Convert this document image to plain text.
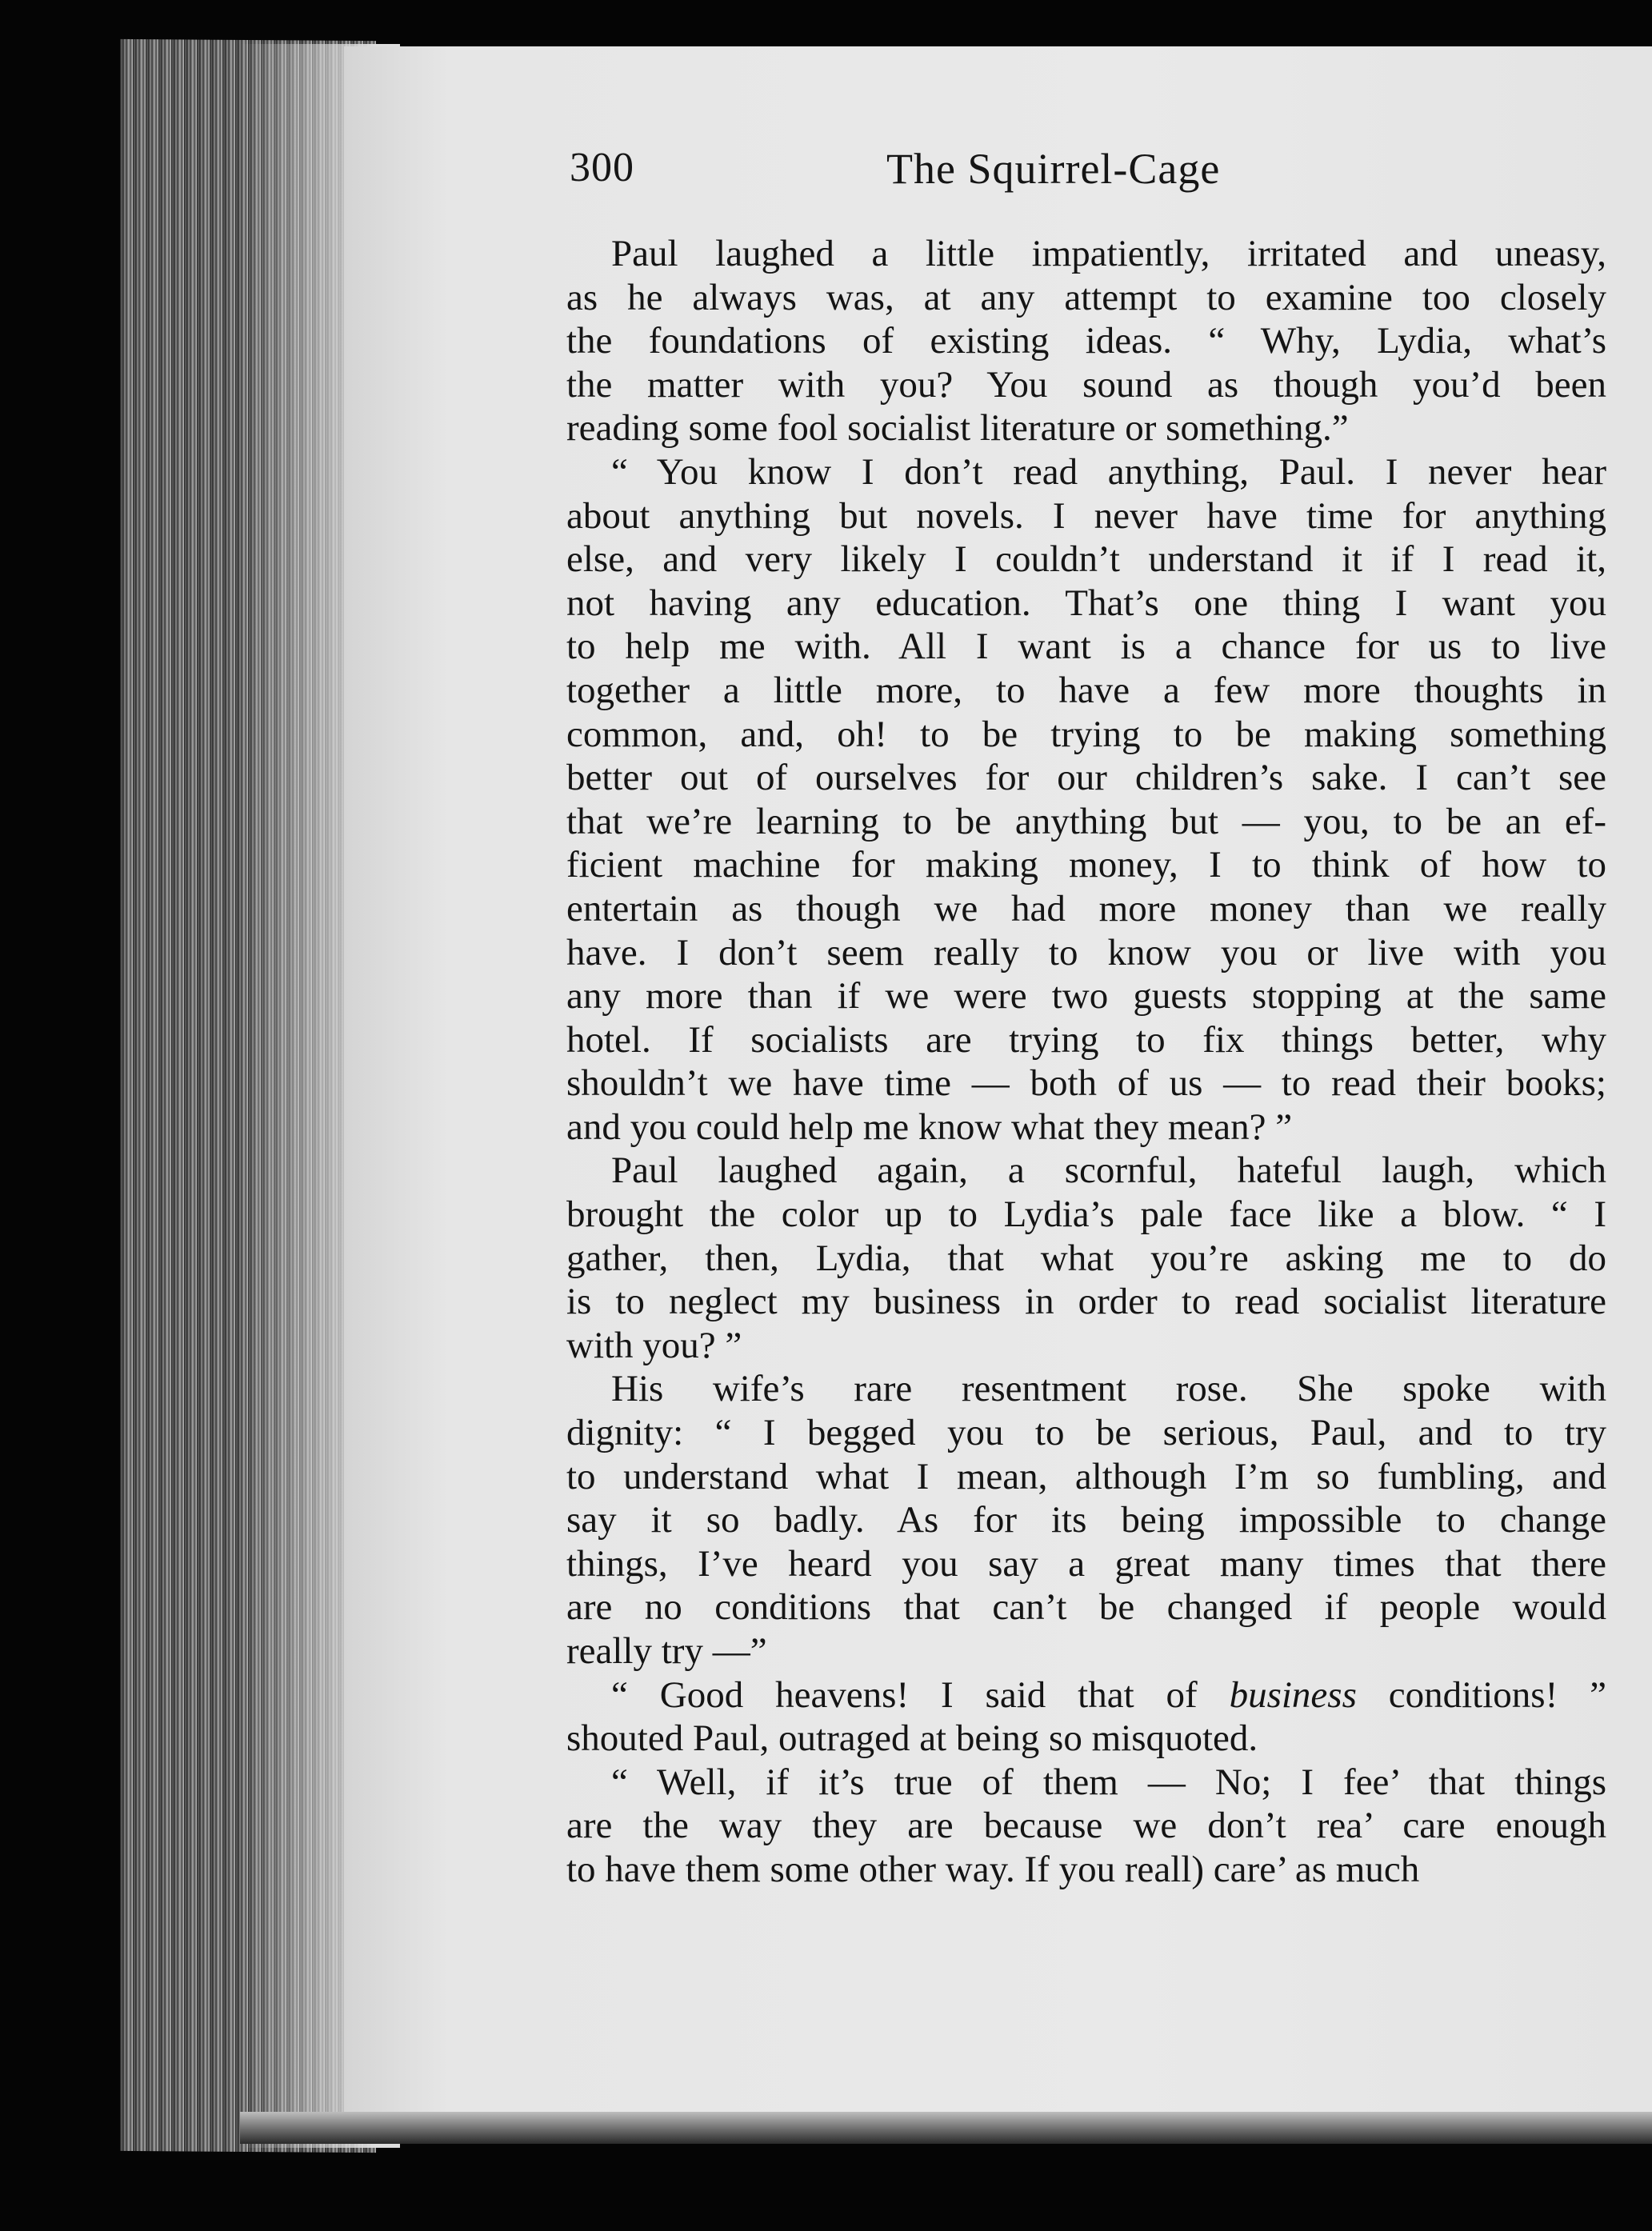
300	The Squirrel-Cage
Paul laughed a little impatiently, irritated and uneasy,
as he always was, at any attempt to examine too closely
the foundations of existing ideas. “ Why, Lydia, what’s
the matter with you? You sound as though you’d been
reading some fool socialist literature or something.”
“ You know I don’t read anything, Paul. I never hear
about anything but novels. I never have time for anything
else, and very likely I couldn’t understand it if I read it,
not having any education. That’s one thing I want you
to help me with. All I want is a chance for us to live
together a little more, to have a few more thoughts in
common, and, oh! to be trying to be making something
better out of ourselves for our children’s sake. I can’t see
that we’re learning to be anything but — you, to be an ef-
ficient machine for making money, I to think of how to
entertain as though we had more money than we really
have. I don’t seem really to know you or live with you
any more than if we were two guests stopping at the same
hotel. If socialists are trying to fix things better, why
shouldn’t we have time — both of us — to read their books;
and you could help me know what they mean? ”
Paul laughed again, a scornful, hateful laugh, which
brought the color up to Lydia’s pale face like a blow. “ I
gather, then, Lydia, that what you’re asking me to do
is to neglect my business in order to read socialist literature
with you? ”
His wife’s rare resentment rose. She spoke with
dignity: “ I begged you to be serious, Paul, and to try
to understand what I mean, although I’m so fumbling, and
say it so badly. As for its being impossible to change
things, I’ve heard you say a great many times that there
are no conditions that can’t be changed if people would
really try —”
“ Good heavens! I said that of business conditions! ”
shouted Paul, outraged at being so misquoted.
“ Well, if it’s true of them — No; I fee’ that things
are the way they are because we don’t rea’ care enough
to have them some other way. If you reall) care’ as much
